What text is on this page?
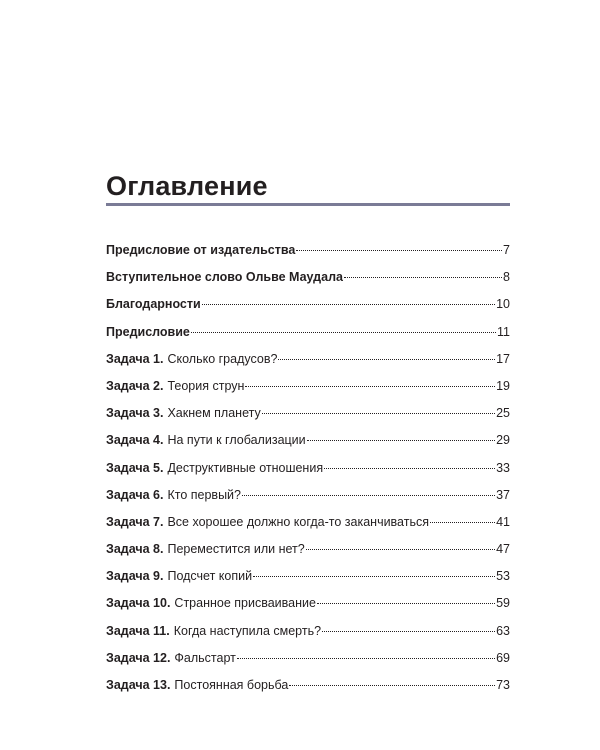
Оглавление
Предисловие от издательства	7
Вступительное слово Ольве Маудала	8
Благодарности	10
Предисловие	11
Задача 1. Сколько градусов?	17
Задача 2. Теория струн	19
Задача 3. Хакнем планету	25
Задача 4. На пути к глобализации	29
Задача 5. Деструктивные отношения	33
Задача 6. Кто первый?	37
Задача 7. Все хорошее должно когда-то заканчиваться	41
Задача 8. Переместится или нет?	47
Задача 9. Подсчет копий	53
Задача 10. Странное присваивание	59
Задача 11. Когда наступила смерть?	63
Задача 12. Фальстарт	69
Задача 13. Постоянная борьба	73
